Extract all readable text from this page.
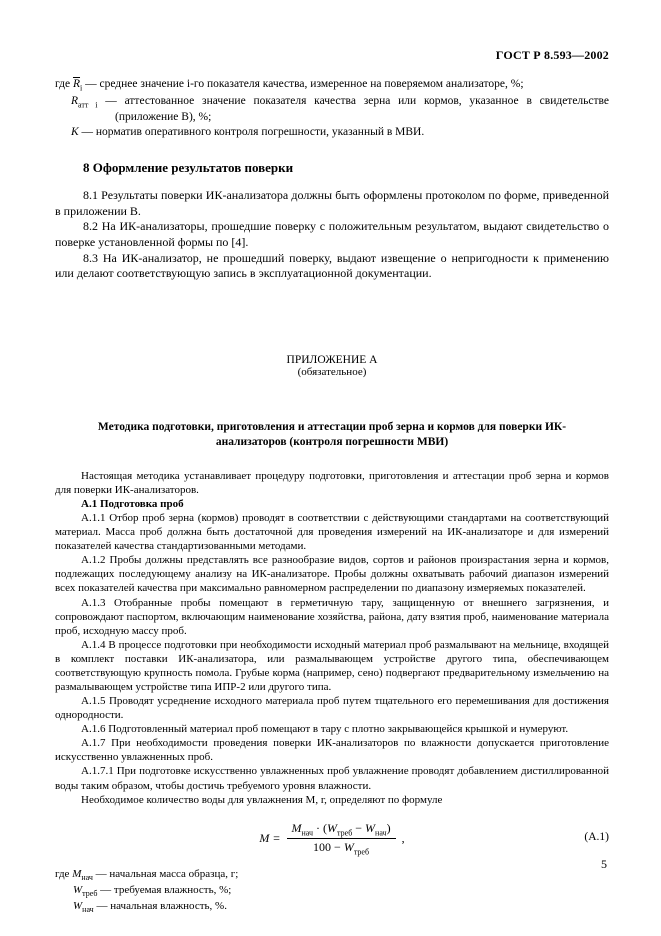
ГОСТ Р 8.593—2002
где $\overline{R}_i$ — среднее значение i-го показателя качества, измеренное на поверяемом анализаторе, %;
$R_{атт i}$ — аттестованное значение показателя качества зерна или кормов, указанное в свидетельстве (приложение В), %;
К — норматив оперативного контроля погрешности, указанный в МВИ.
8 Оформление результатов поверки

8.1 Результаты поверки ИК-анализатора должны быть оформлены протоколом по форме, приведенной в приложении В.

8.2 На ИК-анализаторы, прошедшие поверку с положительным результатом, выдают свидетельство о поверке установленной формы по [4].

8.3 На ИК-анализатор, не прошедший поверку, выдают извещение о непригодности к применению или делают соответствующую запись в эксплуатационной документации.

ПРИЛОЖЕНИЕ А
(обязательное)
Методика подготовки, приготовления и аттестации проб зерна и кормов для поверки ИК-анализаторов (контроля погрешности МВИ)

Настоящая методика устанавливает процедуру подготовки, приготовления и аттестации проб зерна и кормов для поверки ИК-анализаторов.

А.1 Подготовка проб

А.1.1 Отбор проб зерна (кормов) проводят в соответствии с действующими стандартами на соответствующий материал. Масса проб должна быть достаточной для проведения измерений на ИК-анализаторе и для измерений показателей качества стандартизованными методами.

А.1.2 Пробы должны представлять все разнообразие видов, сортов и районов произрастания зерна и кормов, подлежащих последующему анализу на ИК-анализаторе. Пробы должны охватывать рабочий диапазон измерений всех показателей качества при максимально равномерном распределении по диапазону измеряемых показателей.

А.1.3 Отобранные пробы помещают в герметичную тару, защищенную от внешнего загрязнения, и сопровождают паспортом, включающим наименование хозяйства, района, дату взятия проб, наименование материала проб, исходную массу проб.

А.1.4 В процессе подготовки при необходимости исходный материал проб размалывают на мельнице, входящей в комплект поставки ИК-анализатора, или размалывающем устройстве другого типа, обеспечивающем соответствующую крупность помола. Грубые корма (например, сено) подвергают предварительному измельчению на размалывающем устройстве типа ИПР-2 или другого типа.

А.1.5 Проводят усреднение исходного материала проб путем тщательного его перемешивания для достижения однородности.

А.1.6 Подготовленный материал проб помещают в тару с плотно закрывающейся крышкой и нумеруют.

А.1.7 При необходимости проведения поверки ИК-анализаторов по влажности допускается приготовление искусственно увлажненных проб.

А.1.7.1 При подготовке искусственно увлажненных проб увлажнение проводят добавлением дистиллированной воды таким образом, чтобы достичь требуемого уровня влажности.

Необходимое количество воды для увлажнения М, г, определяют по формуле

$М = \frac{М_{нач} \cdot (W_{треб} - W_{нач})}{100 - W_{треб}}$ ,	(А.1)
где $М_{нач}$ — начальная масса образца, г;
$W_{треб}$ — требуемая влажность, %;
$W_{нач}$ — начальная влажность, %.
5
